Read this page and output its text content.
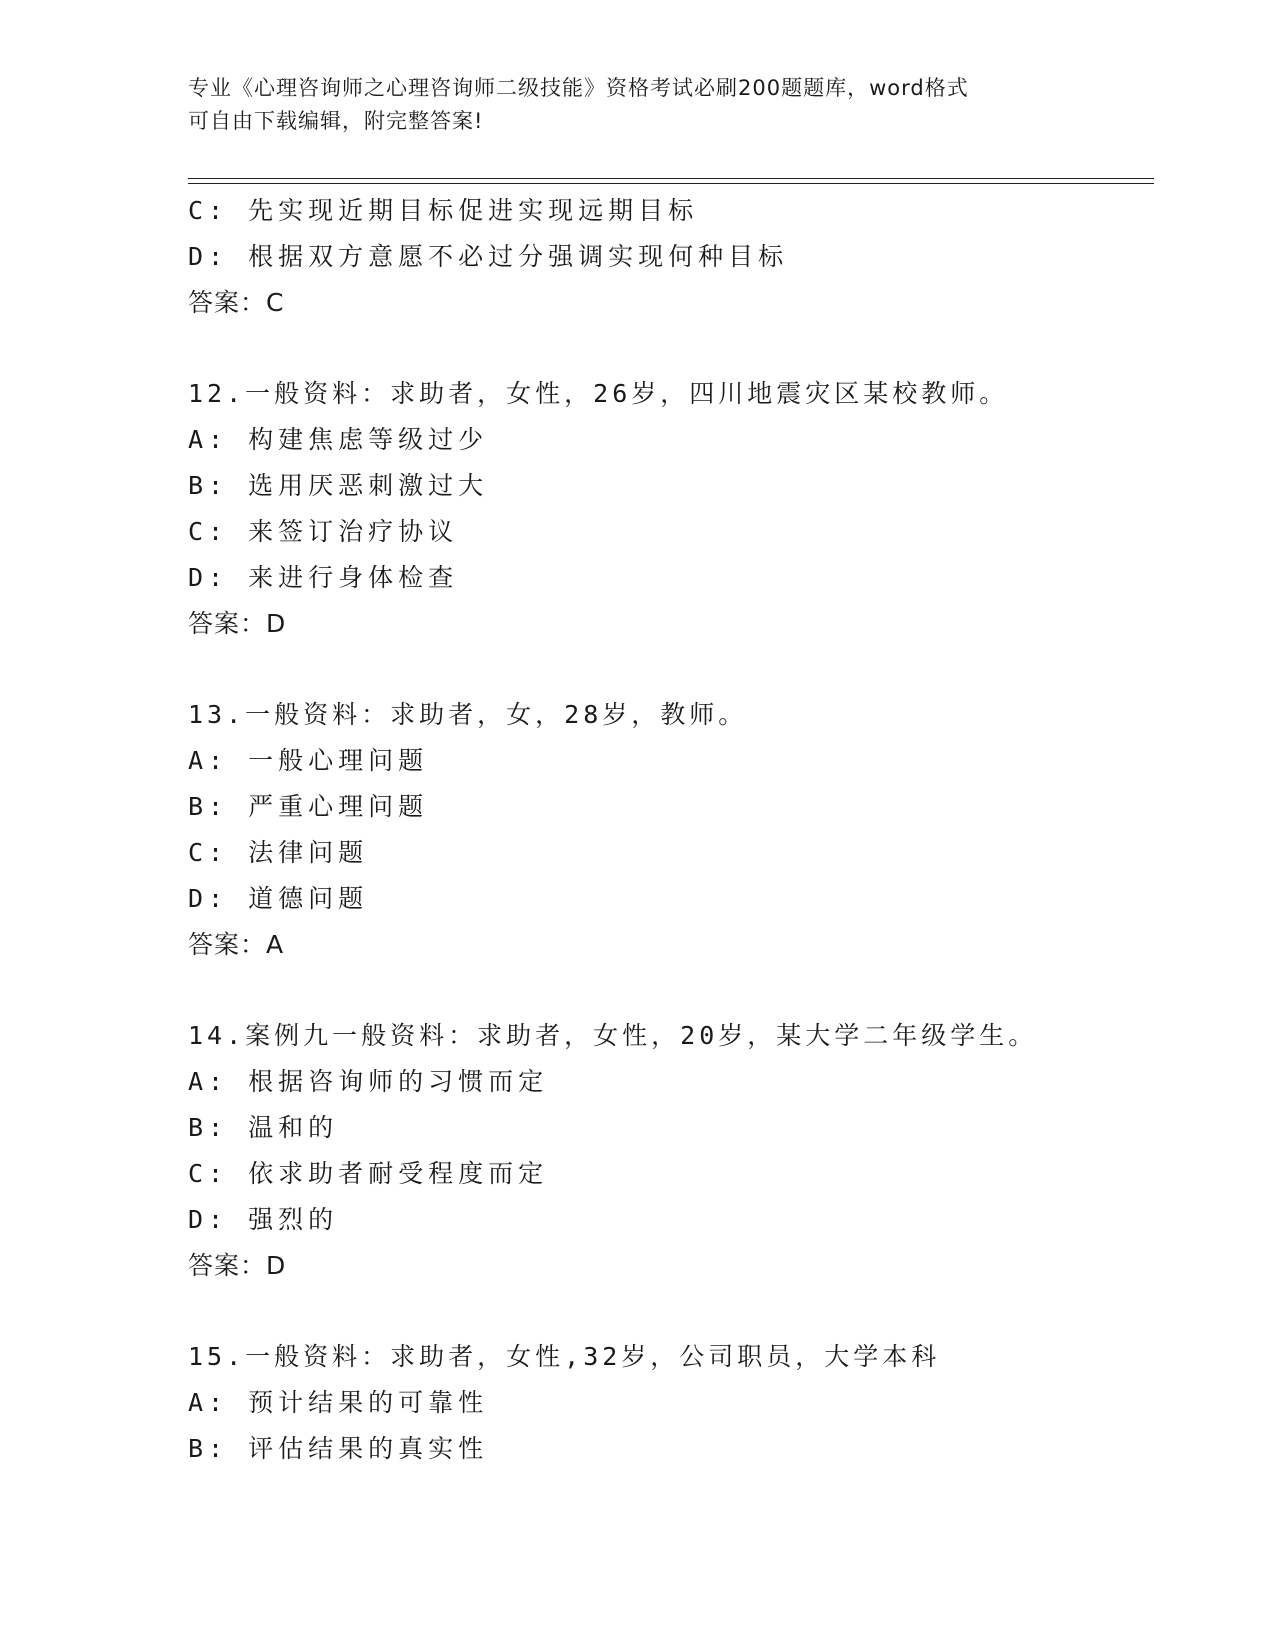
专业《心理咨询师之心理咨询师二级技能》资格考试必刷200题题库，word格式
可自由下载编辑，附完整答案!
C: 先实现近期目标促进实现远期目标
D: 根据双方意愿不必过分强调实现何种目标
答案：C
12.一般资料：求助者，女性，26岁，四川地震灾区某校教师。
A: 构建焦虑等级过少
B: 选用厌恶刺激过大
C: 来签订治疗协议
D: 来进行身体检查
答案：D
13.一般资料：求助者，女，28岁，教师。
A: 一般心理问题
B: 严重心理问题
C: 法律问题
D: 道德问题
答案：A
14.案例九一般资料：求助者，女性，20岁，某大学二年级学生。
A: 根据咨询师的习惯而定
B: 温和的
C: 依求助者耐受程度而定
D: 强烈的
答案：D
15.一般资料：求助者，女性,32岁，公司职员，大学本科
A: 预计结果的可靠性
B: 评估结果的真实性
